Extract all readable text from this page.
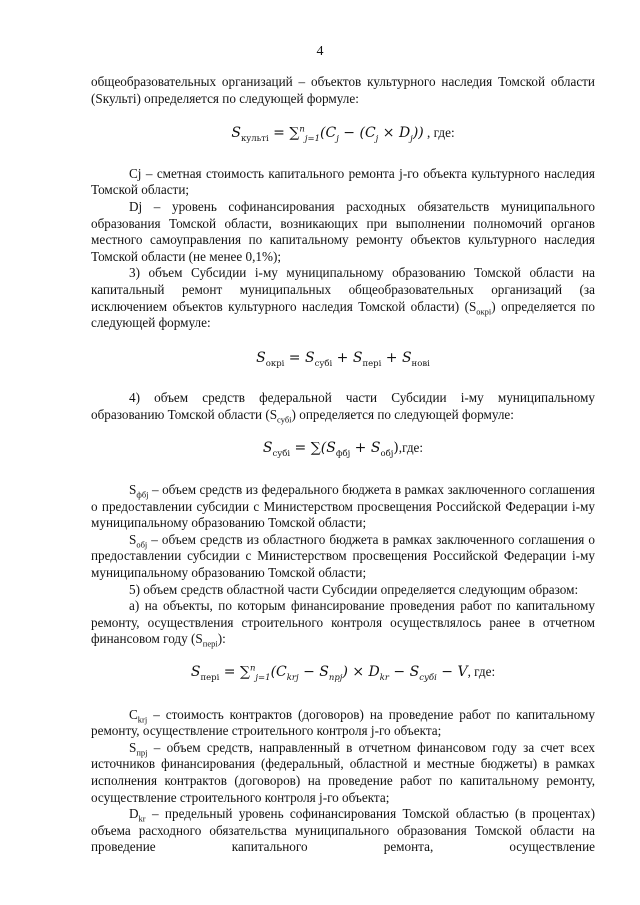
4

общеобразовательных организаций – объектов культурного наследия Томской области (Sкульті) определяется по следующей формуле:

$S_{культі} = \sum^n_{j=1}(C_j - (C_j \times D_j))$ , где:

Cj – сметная стоимость капитального ремонта j-го объекта культурного наследия Томской области;

Dj – уровень софинансирования расходных обязательств муниципального образования Томской области, возникающих при выполнении полномочий органов местного самоуправления по капитальному ремонту объектов культурного наследия Томской области (не менее 0,1%);

3) объем Субсидии i-му муниципальному образованию Томской области на капитальный ремонт муниципальных общеобразовательных организаций (за исключением объектов культурного наследия Томской области) $(S_{окрі})$ определяется по следующей формуле:

$S_{окрі} = S_{субі} + S_{перi} + S_{нові}$

4) объем средств федеральной части Субсидии і-му муниципальному образованию Томской области $(S_{субі})$ определяется по следующей формуле:

$S_{субі} = \sum(S_{фбj} + S_{обj}),где$:

$S_{фбj}$ – объем средств из федерального бюджета в рамках заключенного соглашения о предоставлении субсидии с Министерством просвещения Российской Федерации і-му муниципальному образованию Томской области;

$S_{обj}$ – объем средств из областного бюджета в рамках заключенного соглашения о предоставлении субсидии с Министерством просвещения Российской Федерации і-му муниципальному образованию Томской области;

5) объем средств областной части Субсидии определяется следующим образом:

а) на объекты, по которым финансирование проведения работ по капитальному ремонту, осуществления строительного контроля осуществлялось ранее в отчетном финансовом году $(S_{перi})$:

$S_{перi} = \sum^n_{j=1}(C_{krj} - S_{прj}) \times D_{kr} - S_{субі} - V$, где:

$C_{krj}$ – стоимость контрактов (договоров) на проведение работ по капитальному ремонту, осуществление строительного контроля j-го объекта;

$S_{прj}$ – объем средств, направленный в отчетном финансовом году за счет всех источников финансирования (федеральный, областной и местные бюджеты) в рамках исполнения контрактов (договоров) на проведение работ по капитальному ремонту, осуществление строительного контроля j-го объекта;

$D_{kr}$ – предельный уровень софинансирования Томской областью (в процентах) объема расходного обязательства муниципального образования Томской области на проведение капитального ремонта, осуществление
